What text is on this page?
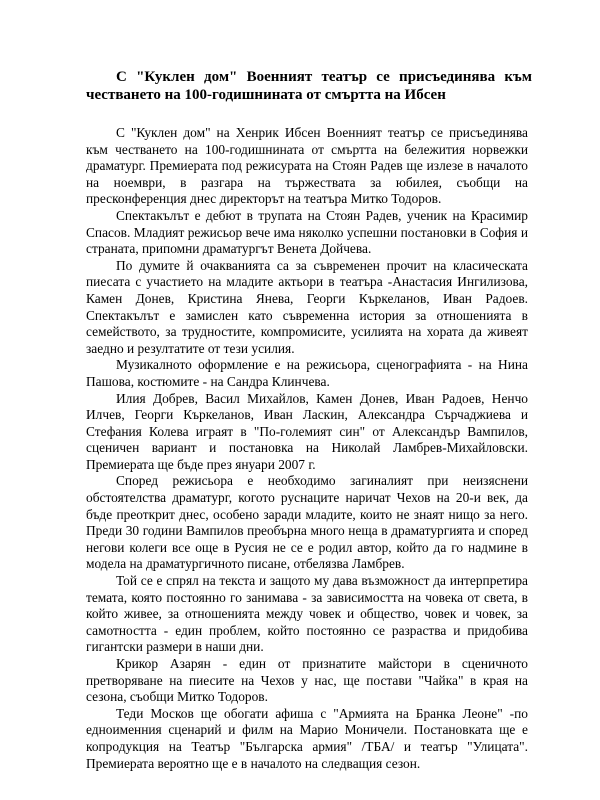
С "Куклен дом" Военният театър се присъединява към честването на 100-годишнината от смъртта на Ибсен

С "Куклен дом" на Хенрик Ибсен Военният театър се присъединява към честването на 100-годишнината от смъртта на бележития норвежки драматург. Премиерата под режисурата на Стоян Радев ще излезе в началото на ноември, в разгара на тържествата за юбилея, съобщи на пресконференция днес директорът на театъра Митко Тодоров.

Спектакълът е дебют в трупата на Стоян Радев, ученик на Красимир Спасов. Младият режисьор вече има няколко успешни постановки в София и страната, припомни драматургът Венета Дойчева.

По думите й очакванията са за съвременен прочит на класическата пиесата с участието на младите актьори в театъра -Анастасия Ингилизова, Камен Донев, Кристина Янева, Георги Къркеланов, Иван Радоев. Спектакълът е замислен като съвременна история за отношенията в семейството, за трудностите, компромисите, усилията на хората да живеят заедно и резултатите от тези усилия.

Музикалното оформление е на режисьора, сценографията - на Нина Пашова, костюмите - на Сандра Клинчева.

Илия Добрев, Васил Михайлов, Камен Донев, Иван Радоев, Ненчо Илчев, Георги Къркеланов, Иван Ласкин, Александра Сърчаджиева и Стефания Колева играят в "По-големият син" от Александър Вампилов, сценичен вариант и постановка на Николай Ламбрев-Михайловски. Премиерата ще бъде през януари 2007 г.

Според режисьора е необходимо загиналият при неизяснени обстоятелства драматург, когото руснаците наричат Чехов на 20-и век, да бъде преоткрит днес, особено заради младите, които не знаят нищо за него. Преди 30 години Вампилов преобърна много неща в драматургията и според негови колеги все още в Русия не се е родил автор, който да го надмине в модела на драматургичното писане, отбелязва Ламбрев.

Той се е спрял на текста и защото му дава възможност да интерпретира темата, която постоянно го занимава - за зависимостта на човека от света, в който живее, за отношенията между човек и общество, човек и човек, за самотността - един проблем, който постоянно се разраства и придобива гигантски размери в наши дни.

Крикор Азарян - един от признатите майстори в сценичното претворяване на пиесите на Чехов у нас, ще постави "Чайка" в края на сезона, съобщи Митко Тодоров.

Теди Москов ще обогати афиша с "Армията на Бранка Леоне" -по едноименния сценарий и филм на Марио Моничели. Постановката ще е копродукция на Театър "Българска армия" /ТБА/ и театър "Улицата". Премиерата вероятно ще е в началото на следващия сезон.
